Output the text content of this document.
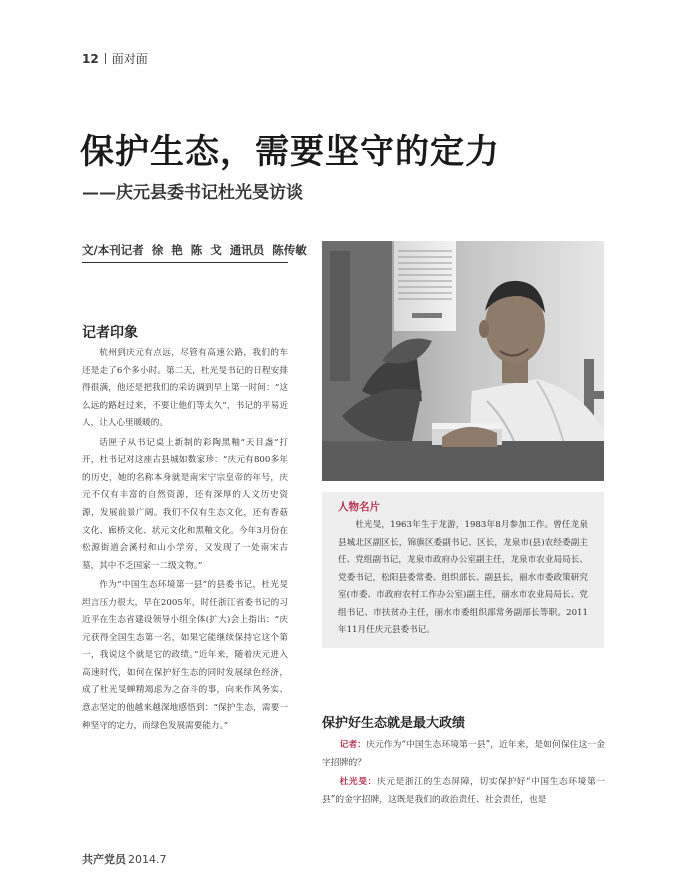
12 面对面
保护生态，需要坚守的定力
——庆元县委书记杜光旻访谈
文/本刊记者 徐 艳 陈 戈 通讯员 陈传敏
记者印象

杭州到庆元有点远，尽管有高速公路，我们的车还是走了6个多小时。第二天，杜光旻书记的日程安排得很满，他还是把我们的采访调到早上第一时间：“这么远的路赶过来，不要让他们等太久”，书记的平易近人，让人心里暖暖的。

话匣子从书记桌上新制的彩陶黑釉“天目盏”打开，杜书记对这座古县城如数家珍：“庆元有800多年的历史，她的名称本身就是南宋宁宗皇帝的年号，庆元不仅有丰富的自然资源，还有深厚的人文历史资源，发展前景广阔。我们不仅有生态文化，还有香菇文化、廊桥文化、状元文化和黑釉文化。今年3月份在松源街道会溪村和山小学旁，又发现了一处南宋古墓，其中不乏国家一二级文物。”

作为“中国生态环境第一县”的县委书记，杜光旻坦言压力很大，早在2005年，时任浙江省委书记的习近平在生态省建设领导小组全体(扩大)会上指出：“庆元获得全国生态第一名，如果它能继续保持它这个第一，我说这个就是它的政绩。”近年来，随着庆元进入高速时代，如何在保护好生态的同时发展绿色经济，成了杜光旻蝉精竭虑为之奋斗的事，向来作风务实、意志坚定的他越来越深地感悟到：“保护生态，需要一种坚守的定力，而绿色发展需要能力。”

人物名片
杜光旻，1963年生于龙游，1983年8月参加工作。曾任龙泉县城北区副区长，锦旗区委副书记、区长，龙泉市(县)农经委副主任、党组副书记，龙泉市政府办公室副主任，龙泉市农业局局长、党委书记，松阳县委常委、组织部长、副县长，丽水市委政策研究室(市委、市政府农村工作办公室)副主任，丽水市农业局局长、党组书记、市扶贫办主任，丽水市委组织部常务副部长等职。2011年11月任庆元县委书记。
保护好生态就是最大政绩
记者：庆元作为“中国生态环境第一县”，近年来，是如何保住这一金字招牌的？
杜光旻：庆元是浙江的生态屏障，切实保护好“中国生态环境第一县”的金字招牌，这既是我们的政治责任、社会责任，也是
共产党员 2014.7
